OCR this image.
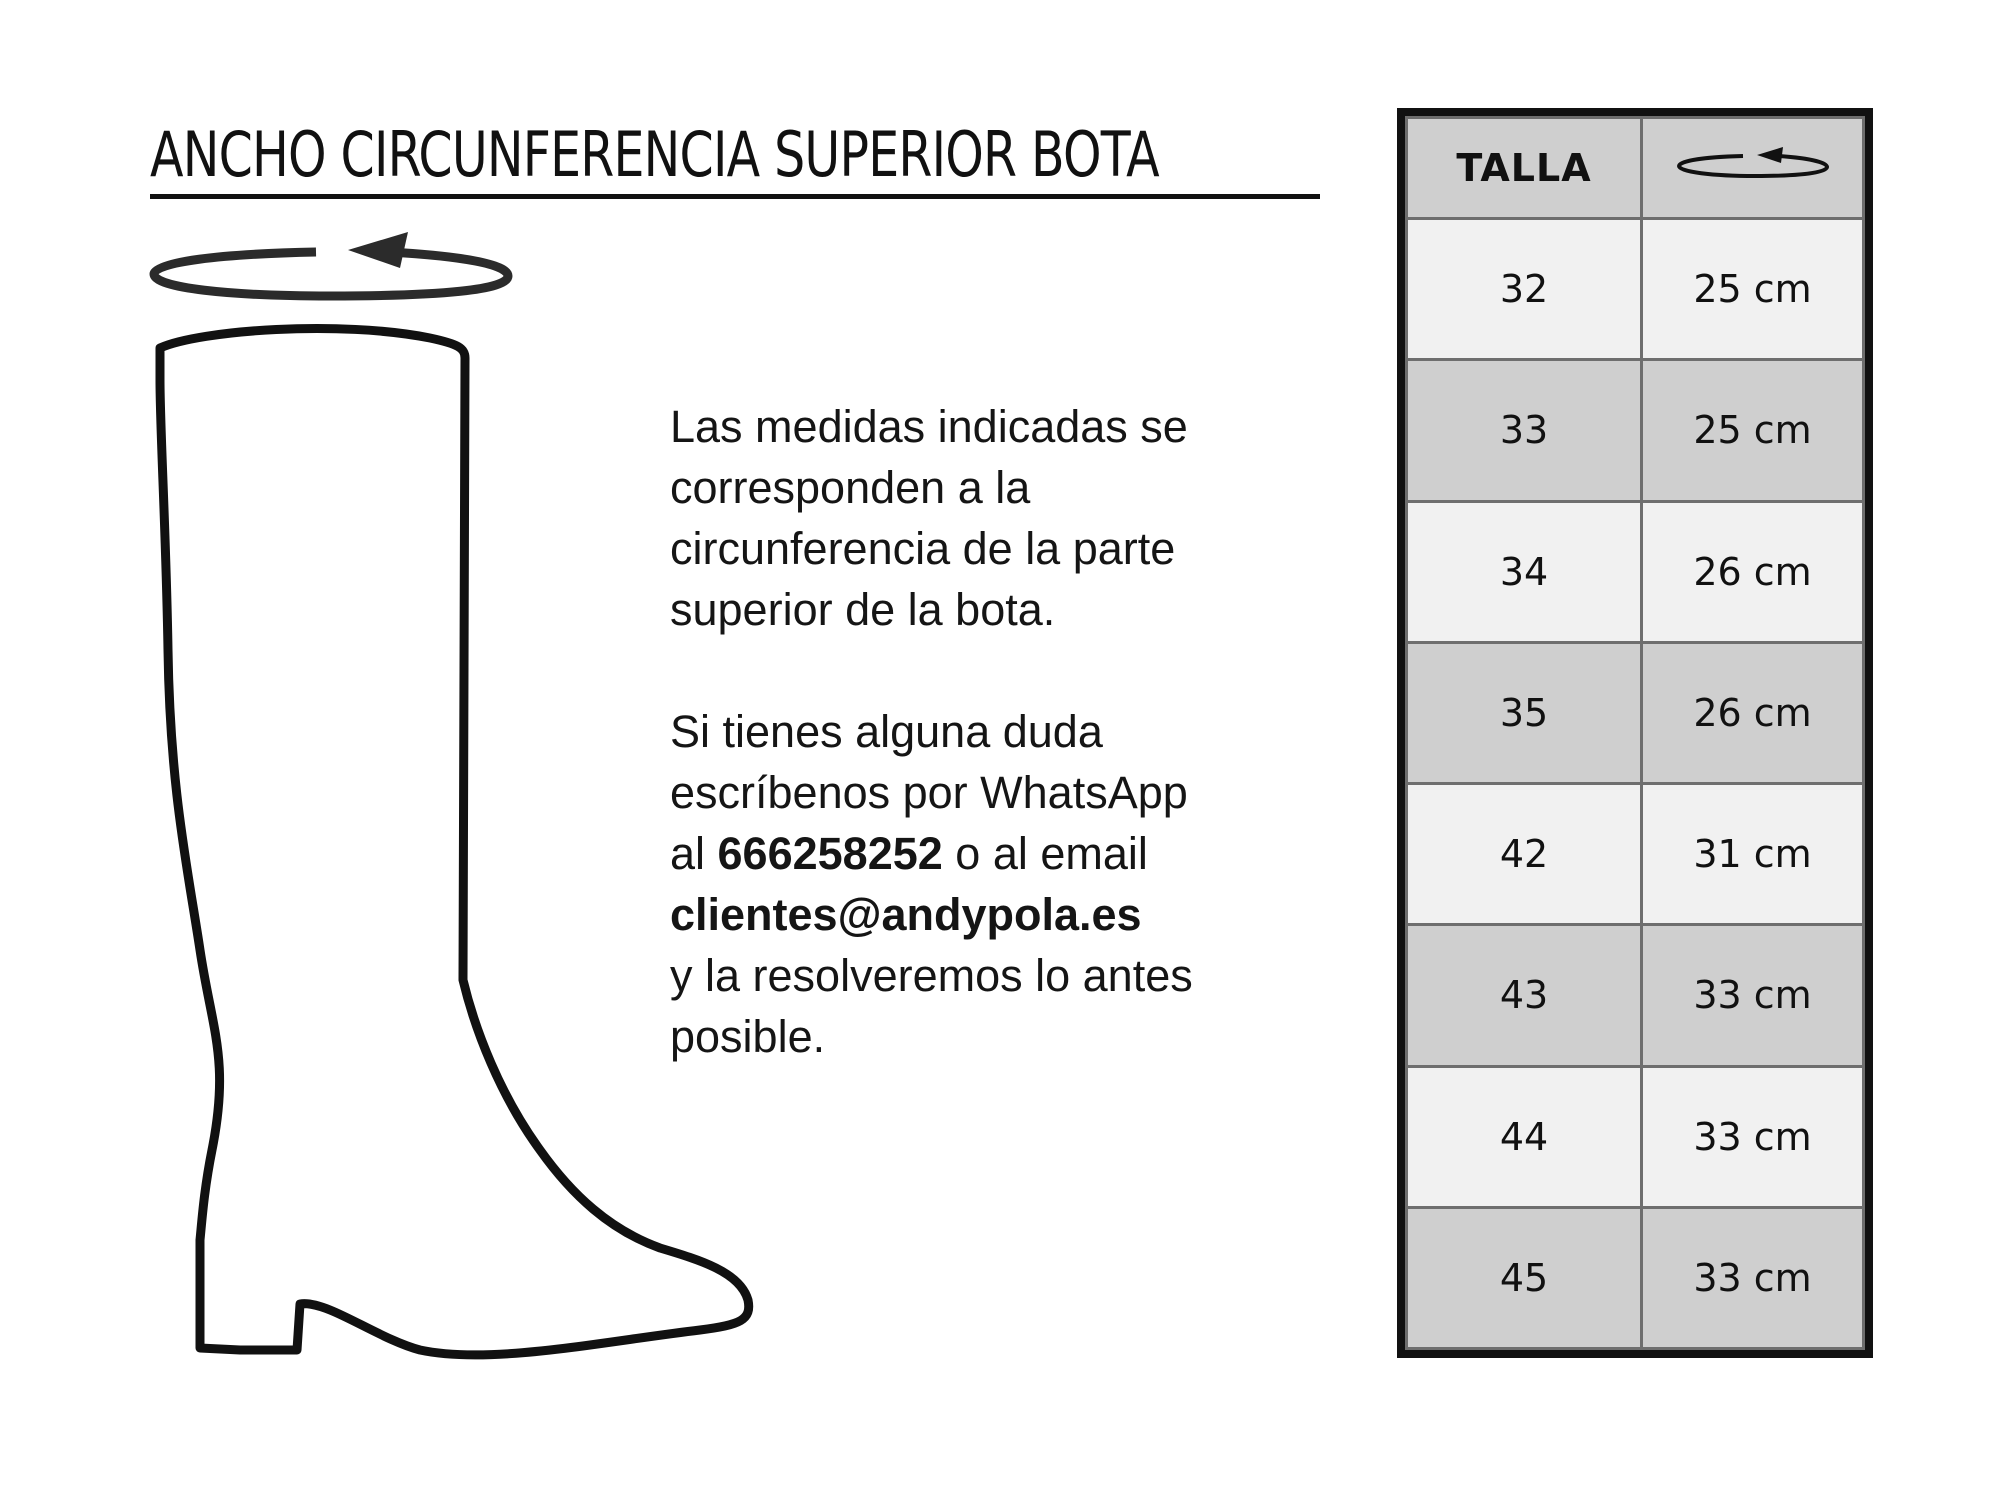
ANCHO CIRCUNFERENCIA SUPERIOR BOTA

Las medidas indicadas se corresponden a la circunferencia de la parte superior de la bota.

Si tienes alguna duda
escríbenos por WhatsApp
al 666258252 o al email
clientes@andypola.es
y la resolveremos lo antes
posible.

TALLA	
32	25 cm
33	25 cm
34	26 cm
35	26 cm
42	31 cm
43	33 cm
44	33 cm
45	33 cm
